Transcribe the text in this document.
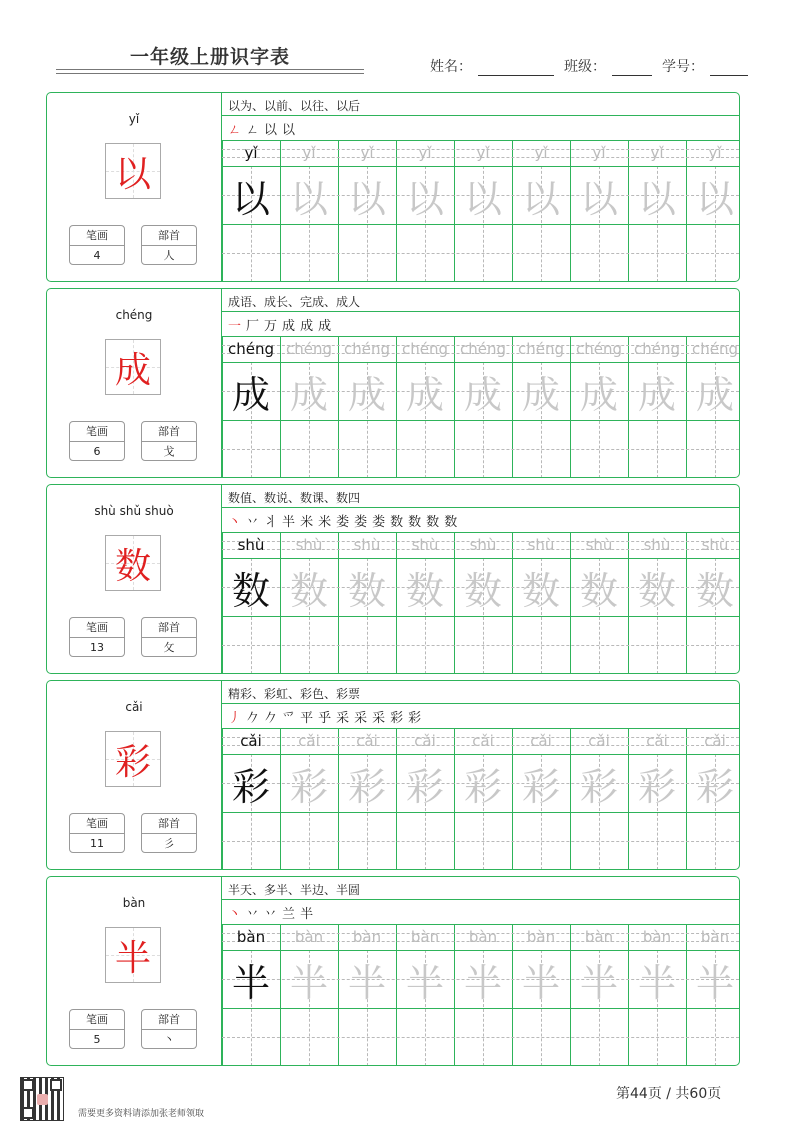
一年级上册识字表	姓名：	班级：	学号：
yǐ
以
笔画
4
部首
人
以为、以前、以往、以后
ㄥ ㄥ 以 以
yǐ
以
yǐ
以
yǐ
以
yǐ
以
yǐ
以
yǐ
以
yǐ
以
yǐ
以
yǐ
以
chéng
成
笔画
6
部首
戈
成语、成长、完成、成人
一 厂 万 成 成 成
chéng
成
chéng
成
chéng
成
chéng
成
chéng
成
chéng
成
chéng
成
chéng
成
chéng
成
shù shǔ shuò
数
笔画
13
部首
攵
数值、数说、数课、数四
丶 丷 丬 半 米 米 娄 娄 娄 数 数 数 数
shù
数
shù
数
shù
数
shù
数
shù
数
shù
数
shù
数
shù
数
shù
数
cǎi
彩
笔画
11
部首
彡
精彩、彩虹、彩色、彩票
丿 𠂊 𠂊 爫 平 乎 采 采 采 彩 彩
cǎi
彩
cǎi
彩
cǎi
彩
cǎi
彩
cǎi
彩
cǎi
彩
cǎi
彩
cǎi
彩
cǎi
彩
bàn
半
笔画
5
部首
丶
半天、多半、半边、半圆
丶 丷 丷 兰 半
bàn
半
bàn
半
bàn
半
bàn
半
bàn
半
bàn
半
bàn
半
bàn
半
bàn
半
需要更多资料请添加张老师领取
第44页 / 共60页
